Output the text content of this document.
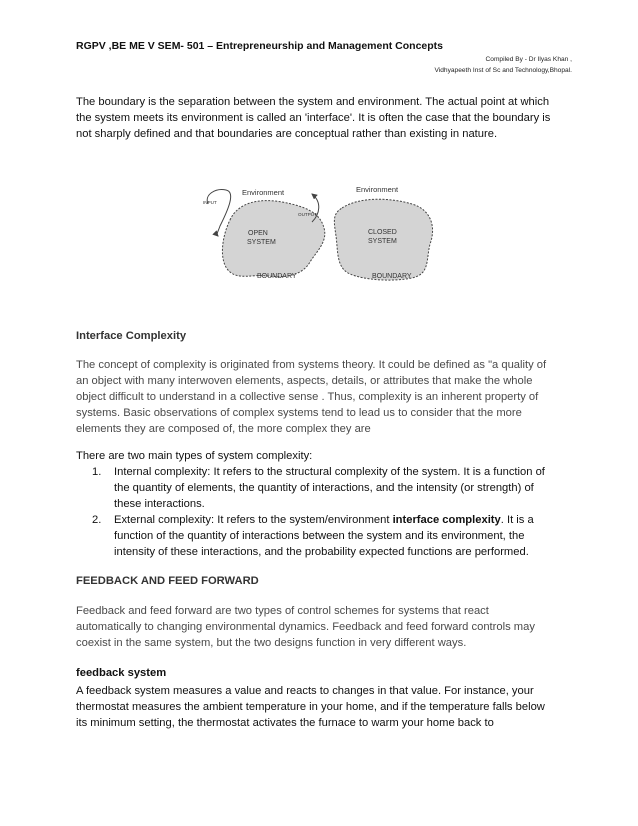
RGPV ,BE ME V SEM- 501 – Entrepreneurship and Management Concepts
Compiled By - Dr Ilyas Khan ,
Vidhyapeeth Inst of Sc and Technology,Bhopal.
The boundary is the separation between the system and environment. The actual point at which the system meets its environment is called an 'interface'. It is often the case that the boundary is not sharply defined and that boundaries are conceptual rather than existing in nature.
Environment	Environment
INPUT
OUTPUT
OPEN
SYSTEM
CLOSED
SYSTEM
BOUNDARY	BOUNDARY
Interface Complexity
The concept of complexity is originated from systems theory. It could be defined as "a quality of an object with many interwoven elements, aspects, details, or attributes that make the whole object difficult to understand in a collective sense . Thus, complexity is an inherent property of systems. Basic observations of complex systems tend to lead us to consider that the more elements they are composed of, the more complex they are
There are two main types of system complexity:
1. Internal complexity: It refers to the structural complexity of the system. It is a function of the quantity of elements, the quantity of interactions, and the intensity (or strength) of these interactions.
2. External complexity: It refers to the system/environment interface complexity. It is a function of the quantity of interactions between the system and its environment, the intensity of these interactions, and the probability expected functions are performed.
FEEDBACK AND FEED FORWARD
Feedback and feed forward are two types of control schemes for systems that react automatically to changing environmental dynamics. Feedback and feed forward controls may coexist in the same system, but the two designs function in very different ways.
feedback system
A feedback system measures a value and reacts to changes in that value. For instance, your thermostat measures the ambient temperature in your home, and if the temperature falls below its minimum setting, the thermostat activates the furnace to warm your home back to
